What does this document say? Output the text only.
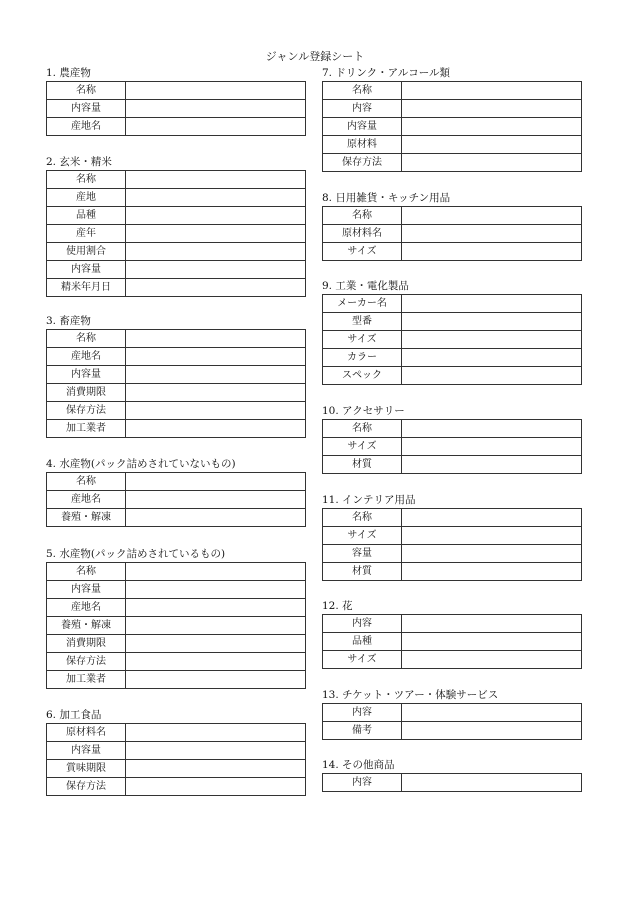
ジャンル登録シート
1. 農産物
名称	
内容量	
産地名	
2. 玄米・精米
名称	
産地	
品種	
産年	
使用割合	
内容量	
精米年月日	
3. 畜産物
名称	
産地名	
内容量	
消費期限	
保存方法	
加工業者	
4. 水産物(パック詰めされていないもの)
名称	
産地名	
養殖・解凍	
5. 水産物(パック詰めされているもの)
名称	
内容量	
産地名	
養殖・解凍	
消費期限	
保存方法	
加工業者	
6. 加工食品
原材料名	
内容量	
賞味期限	
保存方法	
7. ドリンク・アルコール類
名称	
内容	
内容量	
原材料	
保存方法	
8. 日用雑貨・キッチン用品
名称	
原材料名	
サイズ	
9. 工業・電化製品
メーカー名	
型番	
サイズ	
カラー	
スペック	
10. アクセサリー
名称	
サイズ	
材質	
11. インテリア用品
名称	
サイズ	
容量	
材質	
12. 花
内容	
品種	
サイズ	
13. チケット・ツアー・体験サービス
内容	
備考	
14. その他商品
内容	
